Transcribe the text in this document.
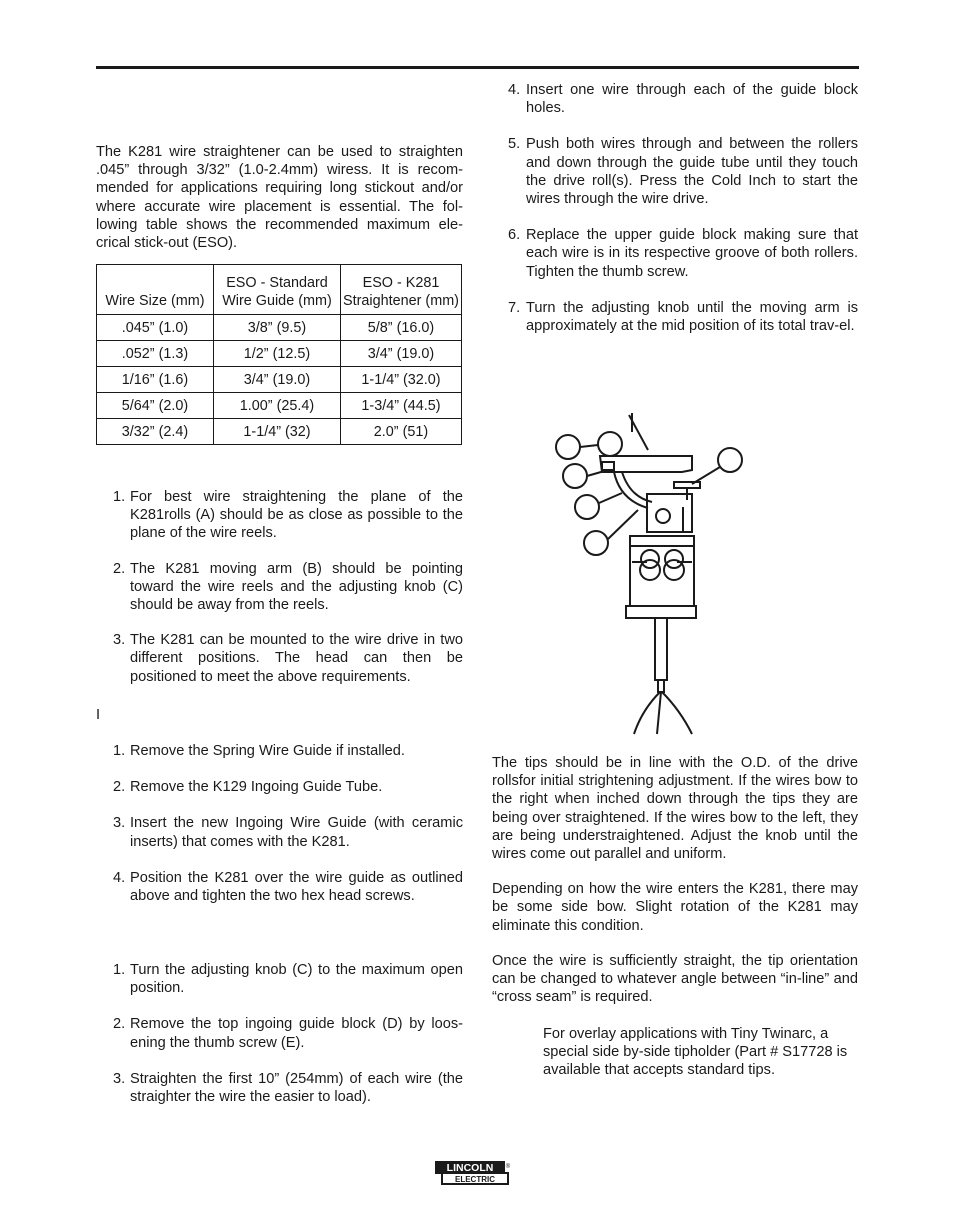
The K281 wire straightener can be used to straighten .045” through 3/32” (1.0-2.4mm) wiress. It is recom-mended for applications requiring long stickout and/or where accurate wire placement is essential. The fol-lowing table shows the recommended maximum ele-crical stick-out (ESO).

Wire Size (mm)	ESO - Standard Wire Guide (mm)	ESO - K281 Straightener (mm)
.045” (1.0)	3/8” (9.5)	5/8” (16.0)
.052” (1.3)	1/2” (12.5)	3/4” (19.0)
1/16” (1.6)	3/4” (19.0)	1-1/4” (32.0)
5/64” (2.0)	1.00” (25.4)	1-3/4” (44.5)
3/32” (2.4)	1-1/4” (32)	2.0” (51)
1. For best wire straightening the plane of the K281rolls (A) should be as close as possible to the plane of the wire reels.
2. The K281 moving arm (B) should be pointing toward the wire reels and the adjusting knob (C) should be away from the reels.
3. The K281 can be mounted to the wire drive in two different positions. The head can then be positioned to meet the above requirements.
I
1. Remove the Spring Wire Guide if installed.
2. Remove the K129 Ingoing Guide Tube.
3. Insert the new Ingoing Wire Guide (with ceramic inserts) that comes with the K281.
4. Position the K281 over the wire guide as outlined above and tighten the two hex head screws.
1. Turn the adjusting knob (C) to the maximum open position.
2. Remove the top ingoing guide block (D) by loos-ening the thumb screw (E).
3. Straighten the first 10” (254mm) of each wire (the straighter the wire the easier to load).
4. Insert one wire through each of the guide block holes.
5. Push both wires through and between the rollers and down through the guide tube until they touch the drive roll(s). Press the Cold Inch to start the wires through the wire drive.
6. Replace the upper guide block making sure that each wire is in its respective groove of both rollers. Tighten the thumb screw.
7. Turn the adjusting knob until the moving arm is approximately at the mid position of its total trav-el.

The tips should be in line with the O.D. of the drive rollsfor initial strightening adjustment. If the wires bow to the right when inched down through the tips they are being over straightened. If the wires bow to the left, they are being understraightened. Adjust the knob until the wires come out parallel and uniform.

Depending on how the wire enters the K281, there may be some side bow. Slight rotation of the K281 may eliminate this condition.

Once the wire is sufficiently straight, the tip orientation can be changed to whatever angle between “in-line” and “cross seam” is required.

For overlay applications with Tiny Twinarc, a special side by-side tipholder (Part # S17728 is available that accepts standard tips.

LINCOLN
ELECTRIC
®
